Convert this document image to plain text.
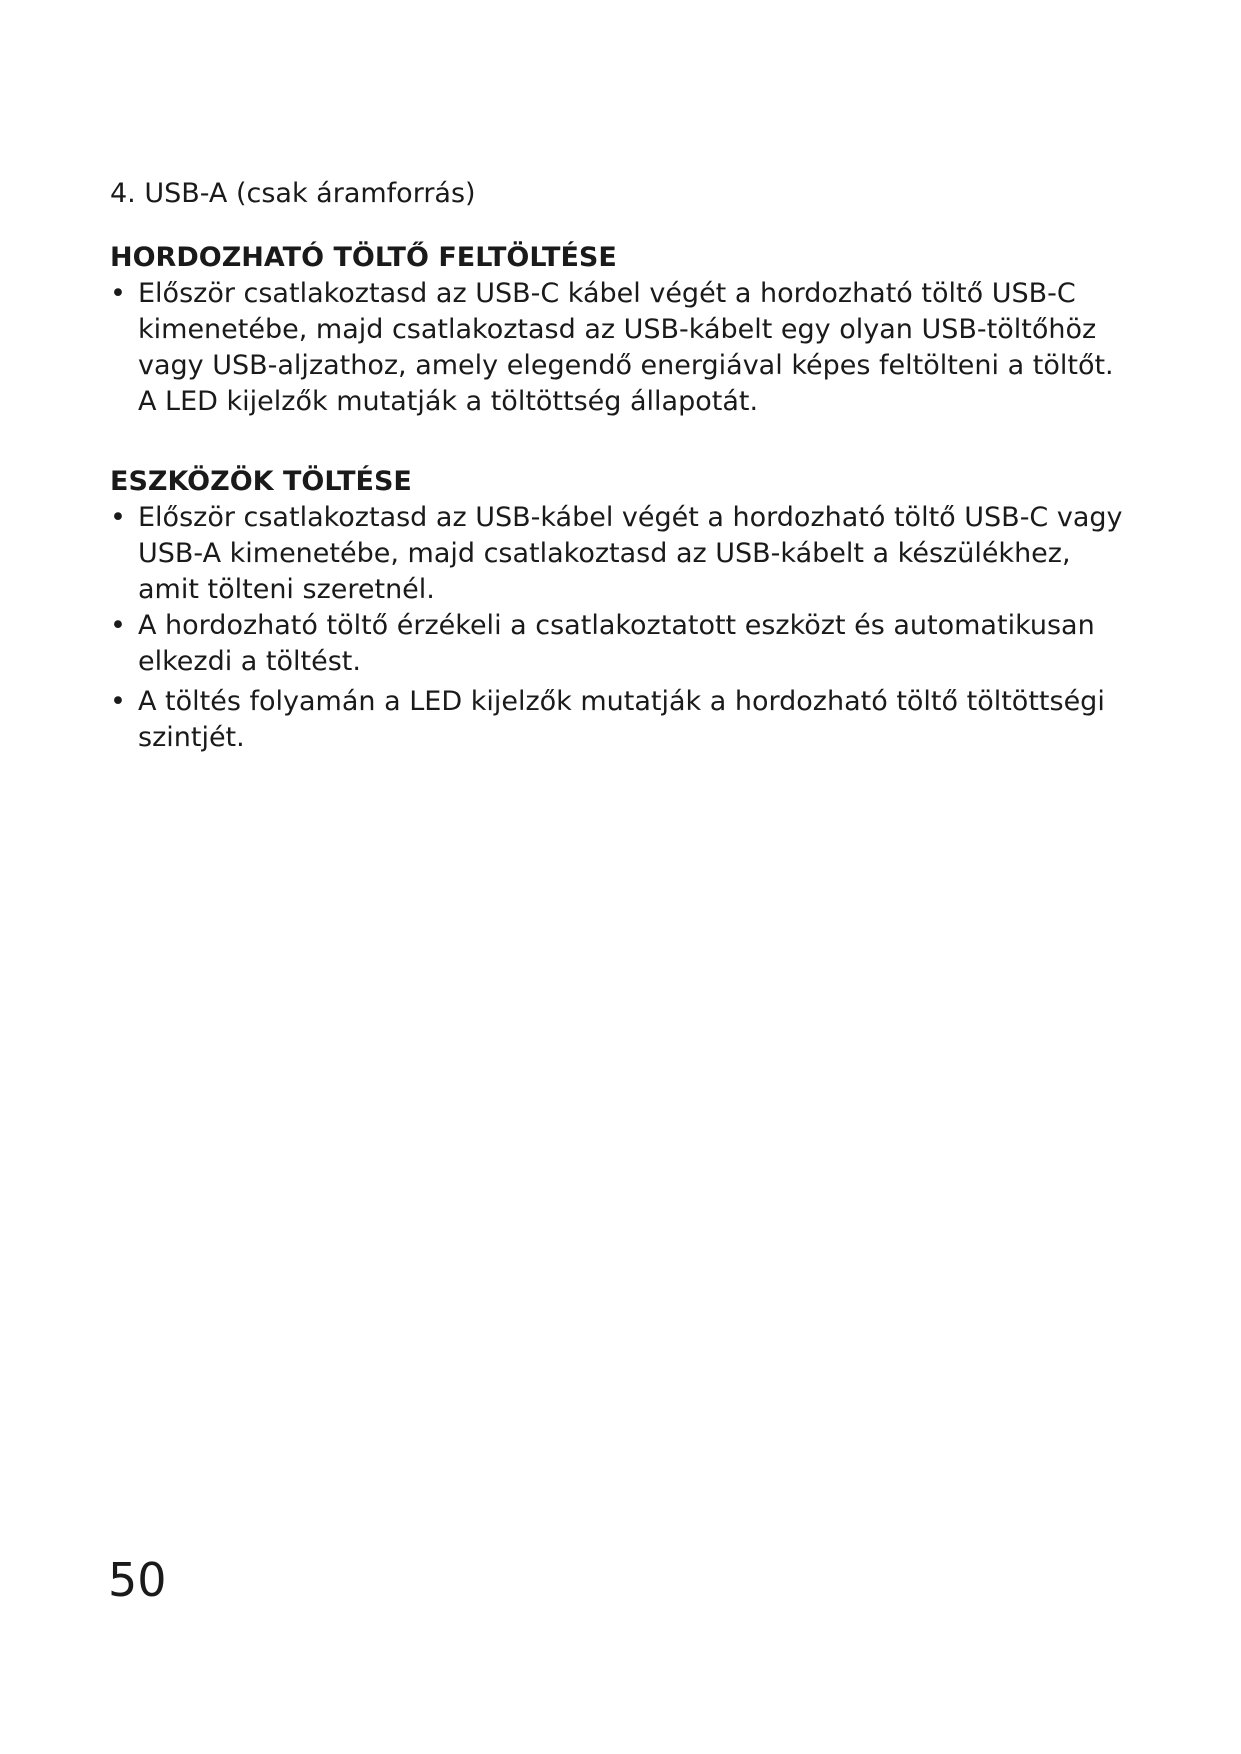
4. USB-A (csak áramforrás)

HORDOZHATÓ TÖLTŐ FELTÖLTÉSE
• Először csatlakoztasd az USB-C kábel végét a hordozható töltő USB-C kimenetébe, majd csatlakoztasd az USB-kábelt egy olyan USB-töltőhöz vagy USB-aljzathoz, amely elegendő energiával képes feltölteni a töltőt. A LED kijelzők mutatják a töltöttség állapotát.
ESZKÖZÖK TÖLTÉSE
• Először csatlakoztasd az USB-kábel végét a hordozható töltő USB-C vagy USB-A kimenetébe, majd csatlakoztasd az USB-kábelt a készülékhez, amit tölteni szeretnél.
• A hordozható töltő érzékeli a csatlakoztatott eszközt és automatikusan elkezdi a töltést.
• A töltés folyamán a LED kijelzők mutatják a hordozható töltő töltöttségi szintjét.

50
